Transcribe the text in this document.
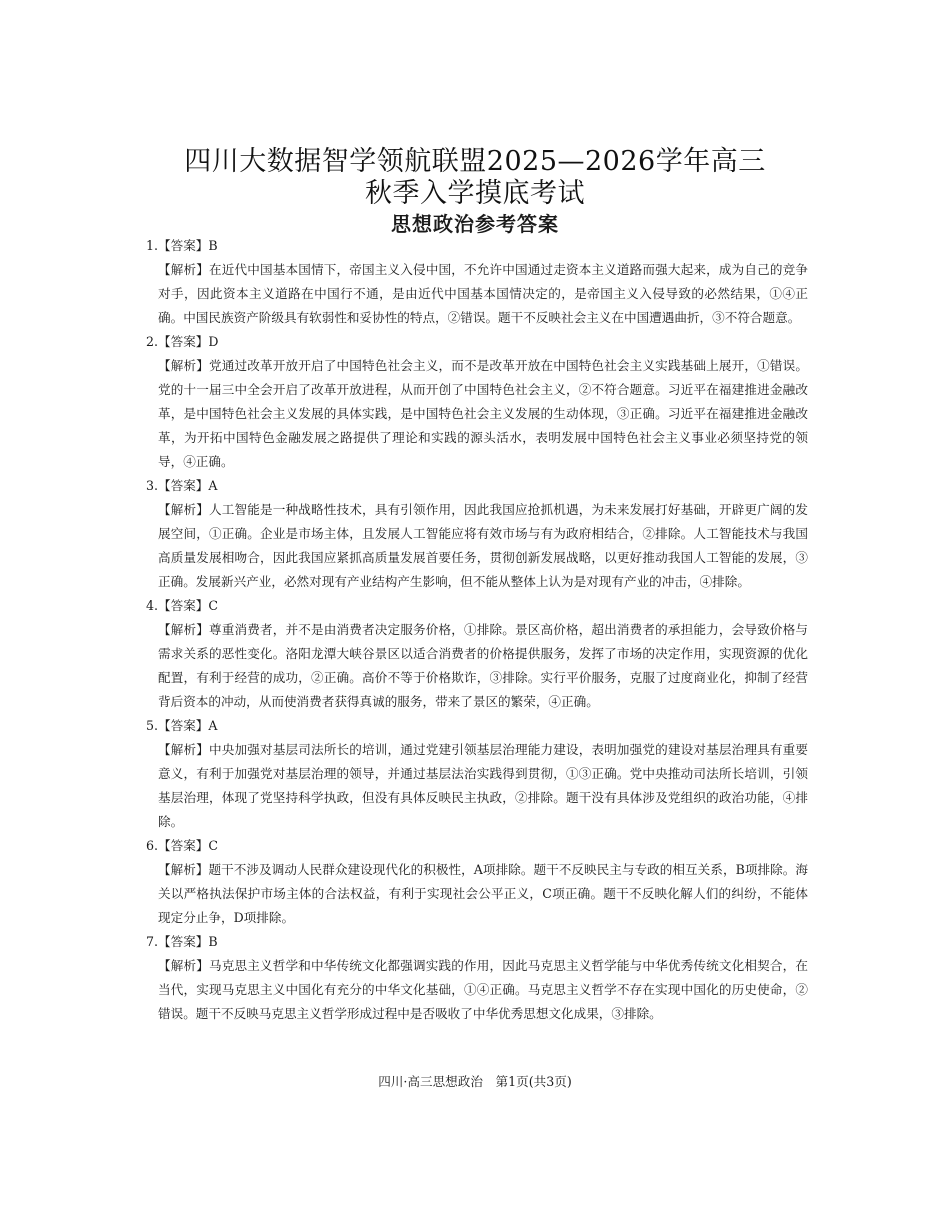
四川大数据智学领航联盟2025—2026学年高三
秋季入学摸底考试
思想政治参考答案

1.【答案】B

【解析】在近代中国基本国情下，帝国主义入侵中国，不允许中国通过走资本主义道路而强大起来，成为自己的竞争对手，因此资本主义道路在中国行不通，是由近代中国基本国情决定的，是帝国主义入侵导致的必然结果，①④正确。中国民族资产阶级具有软弱性和妥协性的特点，②错误。题干不反映社会主义在中国遭遇曲折，③不符合题意。

2.【答案】D

【解析】党通过改革开放开启了中国特色社会主义，而不是改革开放在中国特色社会主义实践基础上展开，①错误。党的十一届三中全会开启了改革开放进程，从而开创了中国特色社会主义，②不符合题意。习近平在福建推进金融改革，是中国特色社会主义发展的具体实践，是中国特色社会主义发展的生动体现，③正确。习近平在福建推进金融改革，为开拓中国特色金融发展之路提供了理论和实践的源头活水，表明发展中国特色社会主义事业必须坚持党的领导，④正确。

3.【答案】A

【解析】人工智能是一种战略性技术，具有引领作用，因此我国应抢抓机遇，为未来发展打好基础，开辟更广阔的发展空间，①正确。企业是市场主体，且发展人工智能应将有效市场与有为政府相结合，②排除。人工智能技术与我国高质量发展相吻合，因此我国应紧抓高质量发展首要任务，贯彻创新发展战略，以更好推动我国人工智能的发展，③正确。发展新兴产业，必然对现有产业结构产生影响，但不能从整体上认为是对现有产业的冲击，④排除。

4.【答案】C

【解析】尊重消费者，并不是由消费者决定服务价格，①排除。景区高价格，超出消费者的承担能力，会导致价格与需求关系的恶性变化。洛阳龙潭大峡谷景区以适合消费者的价格提供服务，发挥了市场的决定作用，实现资源的优化配置，有利于经营的成功，②正确。高价不等于价格欺诈，③排除。实行平价服务，克服了过度商业化，抑制了经营背后资本的冲动，从而使消费者获得真诚的服务，带来了景区的繁荣，④正确。

5.【答案】A

【解析】中央加强对基层司法所长的培训，通过党建引领基层治理能力建设，表明加强党的建设对基层治理具有重要意义，有利于加强党对基层治理的领导，并通过基层法治实践得到贯彻，①③正确。党中央推动司法所长培训，引领基层治理，体现了党坚持科学执政，但没有具体反映民主执政，②排除。题干没有具体涉及党组织的政治功能，④排除。

6.【答案】C

【解析】题干不涉及调动人民群众建设现代化的积极性，A项排除。题干不反映民主与专政的相互关系，B项排除。海关以严格执法保护市场主体的合法权益，有利于实现社会公平正义，C项正确。题干不反映化解人们的纠纷，不能体现定分止争，D项排除。

7.【答案】B

【解析】马克思主义哲学和中华传统文化都强调实践的作用，因此马克思主义哲学能与中华优秀传统文化相契合，在当代，实现马克思主义中国化有充分的中华文化基础，①④正确。马克思主义哲学不存在实现中国化的历史使命，②错误。题干不反映马克思主义哲学形成过程中是否吸收了中华优秀思想文化成果，③排除。

四川·高三思想政治　第1页(共3页)
